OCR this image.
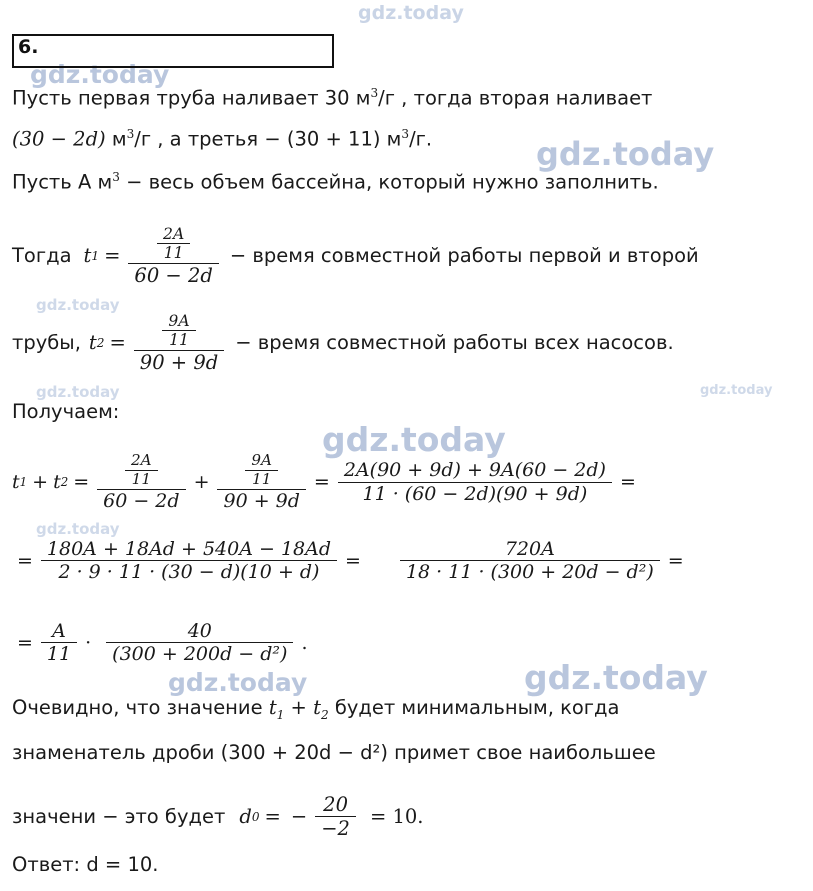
gdz.today
gdz.today
gdz.today
gdz.today
gdz.today	gdz.today
gdz.today
gdz.today
gdz.today	gdz.today
6.
Пусть первая труба наливает 30 $м^3/г$ , тогда вторая наливает
(30 − 2d) $м^3/г$ , а третья − (30 + 11) $м^3/г$.
Пусть A $м^3$ − весь объем бассейна, который нужно заполнить.
Тогда t $1 = \frac{\frac{2A}{11}}{60 - 2d}$ − время совместной работы первой и второй
трубы, t $2 = \frac{\frac{9A}{11}}{90 + 9d}$ − время совместной работы всех насосов.
Получаем:
t 1 + t $2 = \frac{\frac{2A}{11}}{60 - 2d} + \frac{\frac{9A}{11}}{90 + 9d} = \frac{2A(90 + 9d) + 9A(60 - 2d)}{11 \cdot (60 - 2d)(90 + 9d)}$ =
= $\frac{180A + 18Ad + 540A - 18Ad}{2 \cdot 9 \cdot 11 \cdot (30 - d)(10 + d)} = \frac{720A}{\text{18 · 11 · (300 + 20d − d²)}}$ =
= $\frac{A}{11} \cdot \frac{40}{\text{(300 + 200d − d²)}}$ .
Очевидно, что значение $t_1 + t_2$ будет минимальным, когда
знаменатель дроби (300 + 20d − d²) примет свое наибольшее
значени − это будет d 0 = − $\frac{20}{-2} = 10$.
Ответ: d = 10.
